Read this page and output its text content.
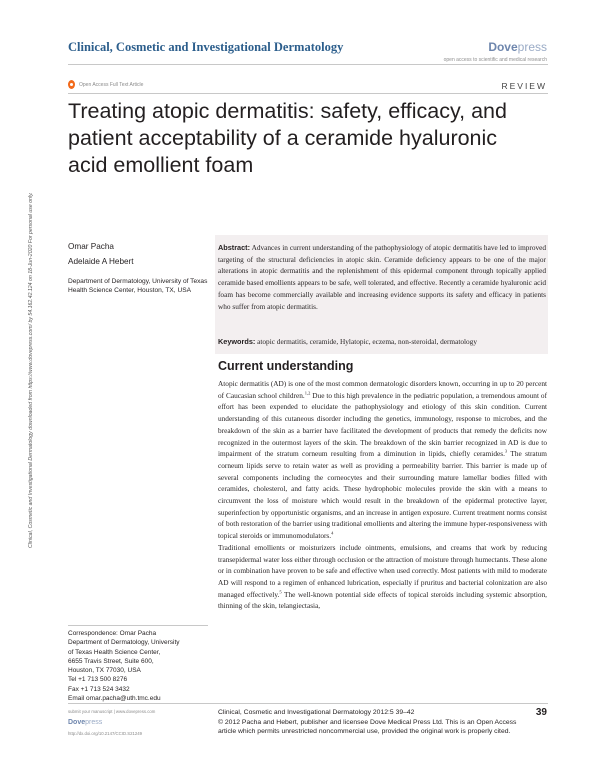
Clinical, Cosmetic and Investigational Dermatology	Dovepress
open access to scientific and medical research
Open Access Full Text Article	REVIEW
Clinical, Cosmetic and Investigational Dermatology downloaded from https://www.dovepress.com/ by 54.162.42.124 on 18-Jun-2020 For personal use only.
Treating atopic dermatitis: safety, efficacy, and patient acceptability of a ceramide hyaluronic acid emollient foam
Omar Pacha
Adelaide A Hebert
Department of Dermatology, University of Texas Health Science Center, Houston, TX, USA
Abstract: Advances in current understanding of the pathophysiology of atopic dermatitis have led to improved targeting of the structural deficiencies in atopic skin. Ceramide deficiency appears to be one of the major alterations in atopic dermatitis and the replenishment of this epidermal component through topically applied ceramide based emollients appears to be safe, well tolerated, and effective. Recently a ceramide hyaluronic acid foam has become commercially available and increasing evidence supports its safety and efficacy in patients who suffer from atopic dermatitis.
Keywords: atopic dermatitis, ceramide, Hylatopic, eczema, non-steroidal, dermatology
Current understanding

Atopic dermatitis (AD) is one of the most common dermatologic disorders known, occurring in up to 20 percent of Caucasian school children.$^{1,2}$ Due to this high prevalence in the pediatric population, a tremendous amount of effort has been expended to elucidate the pathophysiology and etiology of this skin condition. Current understanding of this cutaneous disorder including the genetics, immunology, response to microbes, and the breakdown of the skin as a barrier have facilitated the development of products that remedy the deficits now recognized in the outermost layers of the skin. The breakdown of the skin barrier recognized in AD is due to impairment of the stratum corneum resulting from a diminution in lipids, chiefly ceramides.$^3$ The stratum corneum lipids serve to retain water as well as providing a permeability barrier. This barrier is made up of several components including the corneocytes and their surrounding mature lamellar bodies filled with ceramides, cholesterol, and fatty acids. These hydrophobic molecules provide the skin with a means to circumvent the loss of moisture which would result in the breakdown of the epidermal protective layer, superinfection by opportunistic organisms, and an increase in antigen exposure. Current treatment norms consist of both restoration of the barrier using traditional emollients and altering the immune hyper-responsiveness with topical steroids or immunomodulators.$^4$

Traditional emollients or moisturizers include ointments, emulsions, and creams that work by reducing transepidermal water loss either through occlusion or the attraction of moisture through humectants. These alone or in combination have proven to be safe and effective when used correctly. Most patients with mild to moderate AD will respond to a regimen of enhanced lubrication, especially if pruritus and bacterial colonization are also managed effectively.$^5$ The well-known potential side effects of topical steroids including systemic absorption, thinning of the skin, telangiectasia,

Correspondence: Omar Pacha
Department of Dermatology, University
of Texas Health Science Center,
6655 Travis Street, Suite 600,
Houston, TX 77030, USA
Tel +1 713 500 8276
Fax +1 713 524 3432
Email omar.pacha@uth.tmc.edu
submit your manuscript | www.dovepress.com
Dovepress
http://dx.doi.org/10.2147/CCID.S21249
Clinical, Cosmetic and Investigational Dermatology 2012:5 39–42
© 2012 Pacha and Hebert, publisher and licensee Dove Medical Press Ltd. This is an Open Access article which permits unrestricted noncommercial use, provided the original work is properly cited.
39
